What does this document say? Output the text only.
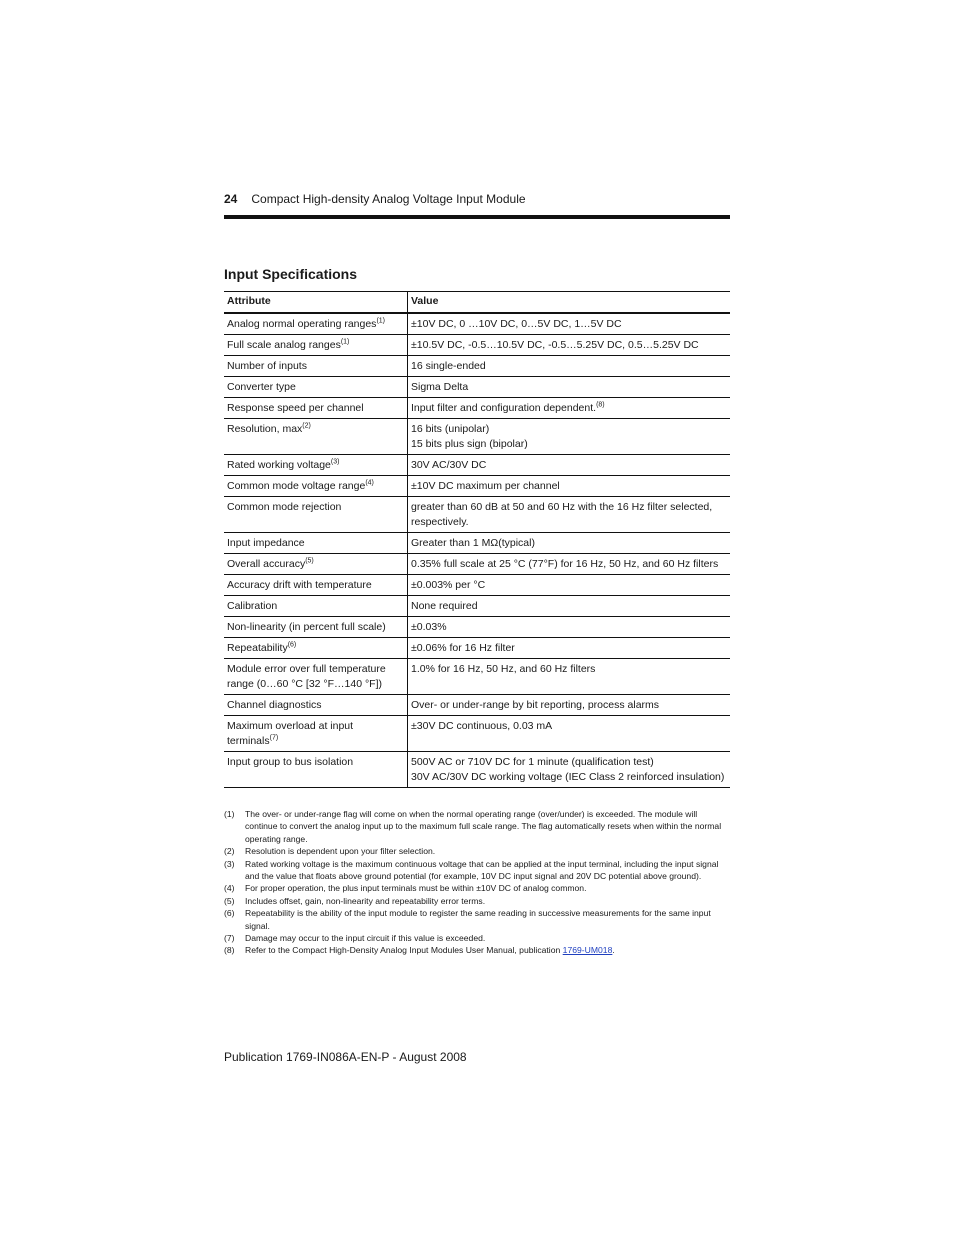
24 Compact High-density Analog Voltage Input Module
Input Specifications
Attribute	Value
Analog normal operating ranges$^{(1)}$	±10V DC, 0 …10V DC, 0…5V DC, 1…5V DC

Full scale analog ranges$^{(1)}$	±10.5V DC, -0.5…10.5V DC, -0.5…5.25V DC, 0.5…5.25V DC

Number of inputs	16 single-ended

Converter type	Sigma Delta

Response speed per channel	Input filter and configuration dependent.$^{(8)}$

Resolution, $\max^{(2)}$	16 bits (unipolar)
15 bits plus sign (bipolar)

Rated working voltage$^{(3)}$	30V AC/30V DC

Common mode voltage range$^{(4)}$	±10V DC maximum per channel

Common mode rejection	greater than 60 dB at 50 and 60 Hz with the 16 Hz filter selected, respectively.

Input impedance	Greater than 1 MΩ(typical)

Overall accuracy$^{(5)}$	0.35% full scale at 25 °C (77°F) for 16 Hz, 50 Hz, and 60 Hz filters

Accuracy drift with temperature	±0.003% per °C

Calibration	None required

Non-linearity (in percent full scale)	±0.03%

Repeatability$^{(6)}$	±0.06% for 16 Hz filter

Module error over full temperature range (0…60 °C [32 °F…140 °F])	1.0% for 16 Hz, 50 Hz, and 60 Hz filters

Channel diagnostics	Over- or under-range by bit reporting, process alarms

Maximum overload at input terminals$^{(7)}$	±30V DC continuous, 0.03 mA

Input group to bus isolation	500V AC or 710V DC for 1 minute (qualification test)
30V AC/30V DC working voltage (IEC Class 2 reinforced insulation)
(1)	The over- or under-range flag will come on when the normal operating range (over/under) is exceeded. The module will continue to convert the analog input up to the maximum full scale range. The flag automatically resets when within the normal operating range.
(2)	Resolution is dependent upon your filter selection.
(3)	Rated working voltage is the maximum continuous voltage that can be applied at the input terminal, including the input signal and the value that floats above ground potential (for example, 10V DC input signal and 20V DC potential above ground).
(4)	For proper operation, the plus input terminals must be within ±10V DC of analog common.
(5)	Includes offset, gain, non-linearity and repeatability error terms.
(6)	Repeatability is the ability of the input module to register the same reading in successive measurements for the same input signal.
(7)	Damage may occur to the input circuit if this value is exceeded.
(8)	Refer to the Compact High-Density Analog Input Modules User Manual, publication 1769-UM018.
Publication 1769-IN086A-EN-P - August 2008
